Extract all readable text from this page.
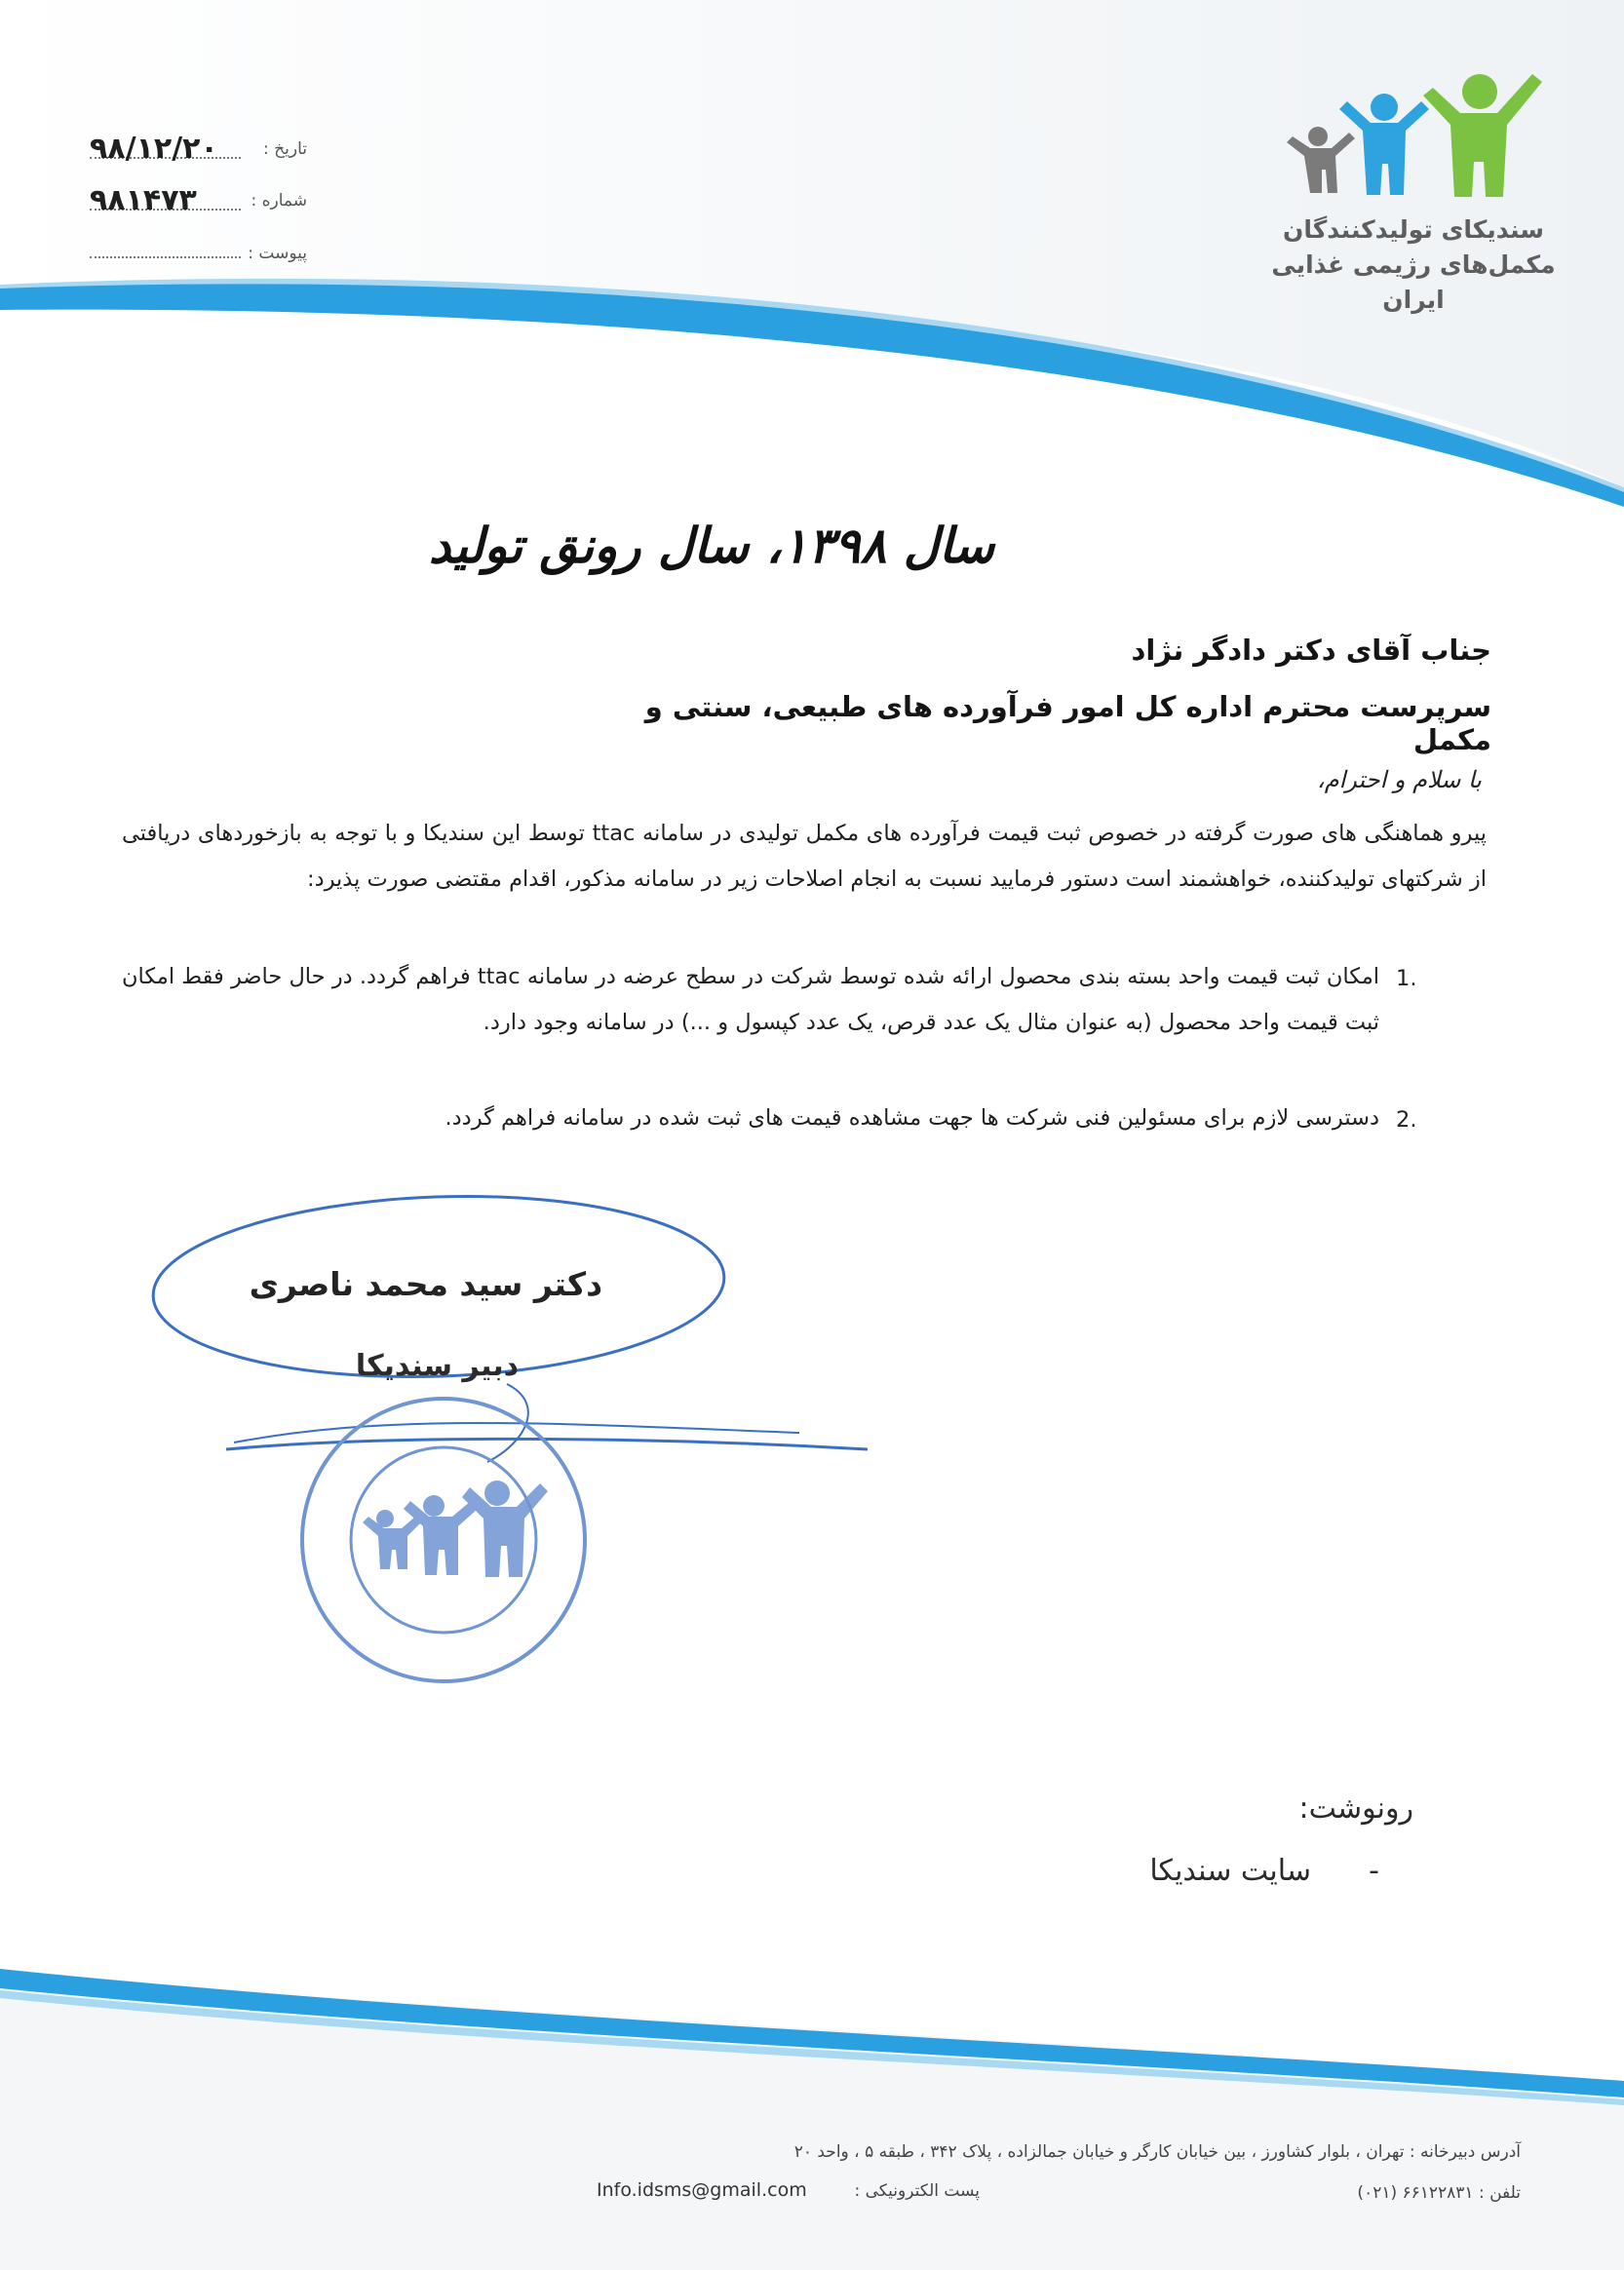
تاریخ :
۹۸/۱۲/۲۰
شماره :
۹۸۱۴۷۳
پیوست :
سندیکای تولیدکنندگان
مکمل‌های رژیمی غذایی
ایران
سال ۱۳۹۸، سال رونق تولید
جناب آقای دکتر دادگر نژاد
سرپرست محترم اداره کل امور فرآورده های طبیعی، سنتی و مکمل
با سلام و احترام،
پیرو هماهنگی های صورت گرفته در خصوص ثبت قیمت فرآورده های مکمل تولیدی در سامانه ttac توسط این سندیکا و با توجه به بازخوردهای دریافتی از شرکتهای تولیدکننده، خواهشمند است دستور فرمایید نسبت به انجام اصلاحات زیر در سامانه مذکور، اقدام مقتضی صورت پذیرد:
1.
امکان ثبت قیمت واحد بسته بندی محصول ارائه شده توسط شرکت در سطح عرضه در سامانه ttac فراهم گردد. در حال حاضر فقط امکان ثبت قیمت واحد محصول (به عنوان مثال یک عدد قرص، یک عدد کپسول و ...) در سامانه وجود دارد.
2.
دسترسی لازم برای مسئولین فنی شرکت ها جهت مشاهده قیمت های ثبت شده در سامانه فراهم گردد.
دکتر سید محمد ناصری
دبیر سندیکا
رونوشت:
-
سایت سندیکا
آدرس دبیرخانه : تهران ، بلوار کشاورز ، بین خیابان کارگر و خیابان جمالزاده ، پلاک ۳۴۲ ، طبقه ۵ ، واحد ۲۰
تلفن : ۶۶۱۲۲۸۳۱ (۰۲۱)
پست الکترونیکی :
Info.idsms@gmail.com
